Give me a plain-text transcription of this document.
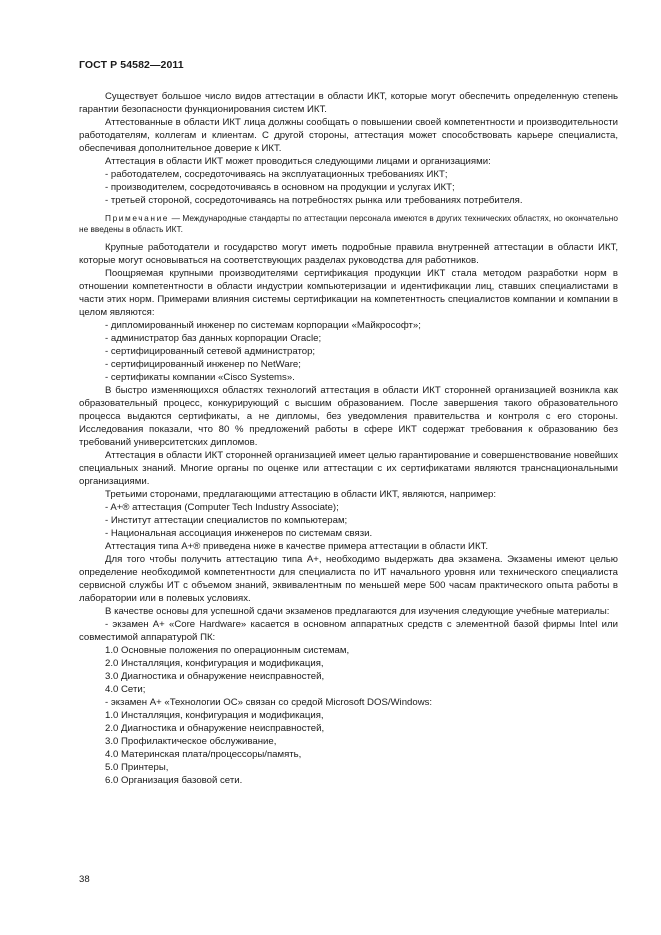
ГОСТ Р 54582—2011
Существует большое число видов аттестации в области ИКТ, которые могут обеспечить определенную степень гарантии безопасности функционирования систем ИКТ.
Аттестованные в области ИКТ лица должны сообщать о повышении своей компетентности и производительности работодателям, коллегам и клиентам. С другой стороны, аттестация может способствовать карьере специалиста, обеспечивая дополнительное доверие к ИКТ.
Аттестация в области ИКТ может проводиться следующими лицами и организациями:
- работодателем, сосредоточиваясь на эксплуатационных требованиях ИКТ;
- производителем, сосредоточиваясь в основном на продукции и услугах ИКТ;
- третьей стороной, сосредоточиваясь на потребностях рынка или требованиях потребителя.
Примечание — Международные стандарты по аттестации персонала имеются в других технических областях, но окончательно не введены в область ИКТ.
Крупные работодатели и государство могут иметь подробные правила внутренней аттестации в области ИКТ, которые могут основываться на соответствующих разделах руководства для работников.
Поощряемая крупными производителями сертификация продукции ИКТ стала методом разработки норм в отношении компетентности в области индустрии компьютеризации и идентификации лиц, ставших специалистами в части этих норм. Примерами влияния системы сертификации на компетентность специалистов компании и компании в целом являются:
- дипломированный инженер по системам корпорации «Майкрософт»;
- администратор баз данных корпорации Oracle;
- сертифицированный сетевой администратор;
- сертифицированный инженер по NetWare;
- сертификаты компании «Cisco Systems».
В быстро изменяющихся областях технологий аттестация в области ИКТ сторонней организацией возникла как образовательный процесс, конкурирующий с высшим образованием. После завершения такого образовательного процесса выдаются сертификаты, а не дипломы, без уведомления правительства и контроля с его стороны. Исследования показали, что 80 % предложений работы в сфере ИКТ содержат требования к образованию без требований университетских дипломов.
Аттестация в области ИКТ сторонней организацией имеет целью гарантирование и совершенствование новейших специальных знаний. Многие органы по оценке или аттестации с их сертификатами являются транснациональными организациями.
Третьими сторонами, предлагающими аттестацию в области ИКТ, являются, например:
- A+® аттестация (Computer Tech Industry Associate);
- Институт аттестации специалистов по компьютерам;
- Национальная ассоциация инженеров по системам связи.
Аттестация типа A+® приведена ниже в качестве примера аттестации в области ИКТ.
Для того чтобы получить аттестацию типа A+, необходимо выдержать два экзамена. Экзамены имеют целью определение необходимой компетентности для специалиста по ИТ начального уровня или технического специалиста сервисной службы ИТ с объемом знаний, эквивалентным по меньшей мере 500 часам практического опыта работы в лаборатории или в полевых условиях.
В качестве основы для успешной сдачи экзаменов предлагаются для изучения следующие учебные материалы:
- экзамен A+ «Core Hardware» касается в основном аппаратных средств с элементной базой фирмы Intel или совместимой аппаратурой ПК:
1.0 Основные положения по операционным системам,
2.0 Инсталляция, конфигурация и модификация,
3.0 Диагностика и обнаружение неисправностей,
4.0 Сети;
- экзамен A+ «Технологии ОС» связан со средой Microsoft DOS/Windows:
1.0 Инсталляция, конфигурация и модификация,
2.0 Диагностика и обнаружение неисправностей,
3.0 Профилактическое обслуживание,
4.0 Материнская плата/процессоры/память,
5.0 Принтеры,
6.0 Организация базовой сети.
38
